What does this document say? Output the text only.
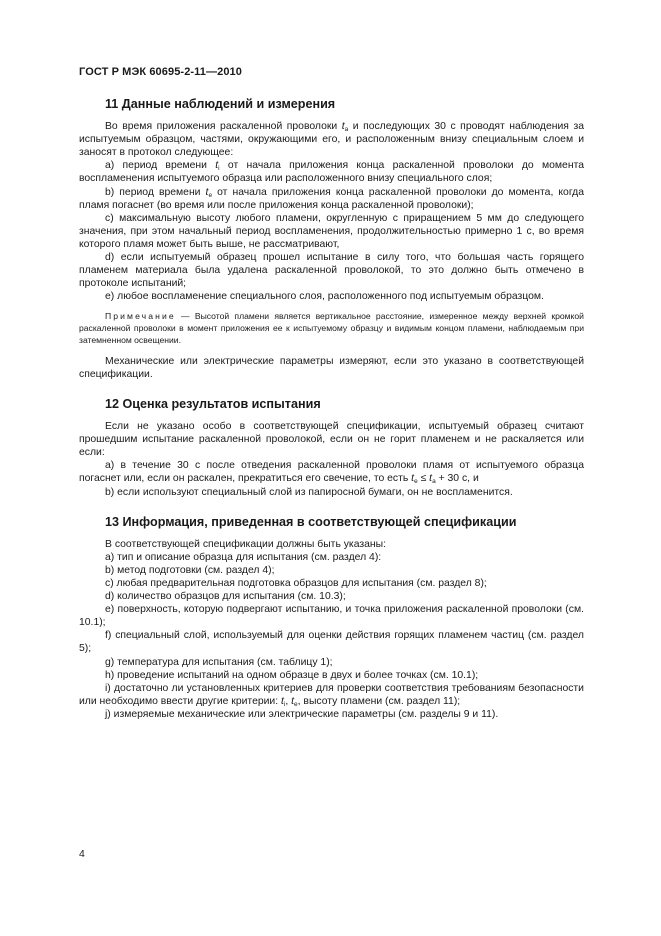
ГОСТ Р МЭК 60695-2-11—2010

11 Данные наблюдений и измерения

Во время приложения раскаленной проволоки $t_a$ и последующих 30 с проводят наблюдения за испытуемым образцом, частями, окружающими его, и расположенным внизу специальным слоем и заносят в протокол следующее:

a) период времени $t_i$ от начала приложения конца раскаленной проволоки до момента воспламенения испытуемого образца или расположенного внизу специального слоя;

b) период времени $t_e$ от начала приложения конца раскаленной проволоки до момента, когда пламя погаснет (во время или после приложения конца раскаленной проволоки);

c) максимальную высоту любого пламени, округленную с приращением 5 мм до следующего значения, при этом начальный период воспламенения, продолжительностью примерно 1 с, во время которого пламя может быть выше, не рассматривают,

d) если испытуемый образец прошел испытание в силу того, что большая часть горящего пламенем материала была удалена раскаленной проволокой, то это должно быть отмечено в протоколе испытаний;

e) любое воспламенение специального слоя, расположенного под испытуемым образцом.

Примечание — Высотой пламени является вертикальное расстояние, измеренное между верхней кромкой раскаленной проволоки в момент приложения ее к испытуемому образцу и видимым концом пламени, наблюдаемым при затемненном освещении.

Механические или электрические параметры измеряют, если это указано в соответствующей спецификации.

12 Оценка результатов испытания

Если не указано особо в соответствующей спецификации, испытуемый образец считают прошедшим испытание раскаленной проволокой, если он не горит пламенем и не раскаляется или если:

a) в течение 30 с после отведения раскаленной проволоки пламя от испытуемого образца погаснет или, если он раскален, прекратиться его свечение, то есть $t_e \le t_a + 30$ с, и

b) если используют специальный слой из папиросной бумаги, он не воспламенится.

13 Информация, приведенная в соответствующей спецификации

В соответствующей спецификации должны быть указаны:

a) тип и описание образца для испытания (см. раздел 4):

b) метод подготовки (см. раздел 4);

c) любая предварительная подготовка образцов для испытания (см. раздел 8);

d) количество образцов для испытания (см. 10.3);

e) поверхность, которую подвергают испытанию, и точка приложения раскаленной проволоки (см. 10.1);

f) специальный слой, используемый для оценки действия горящих пламенем частиц (см. раздел 5);

g) температура для испытания (см. таблицу 1);

h) проведение испытаний на одном образце в двух и более точках (см. 10.1);

i) достаточно ли установленных критериев для проверки соответствия требованиям безопасности или необходимо ввести другие критерии: $t_i$, $t_e$, высоту пламени (см. раздел 11);

j) измеряемые механические или электрические параметры (см. разделы 9 и 11).

4
